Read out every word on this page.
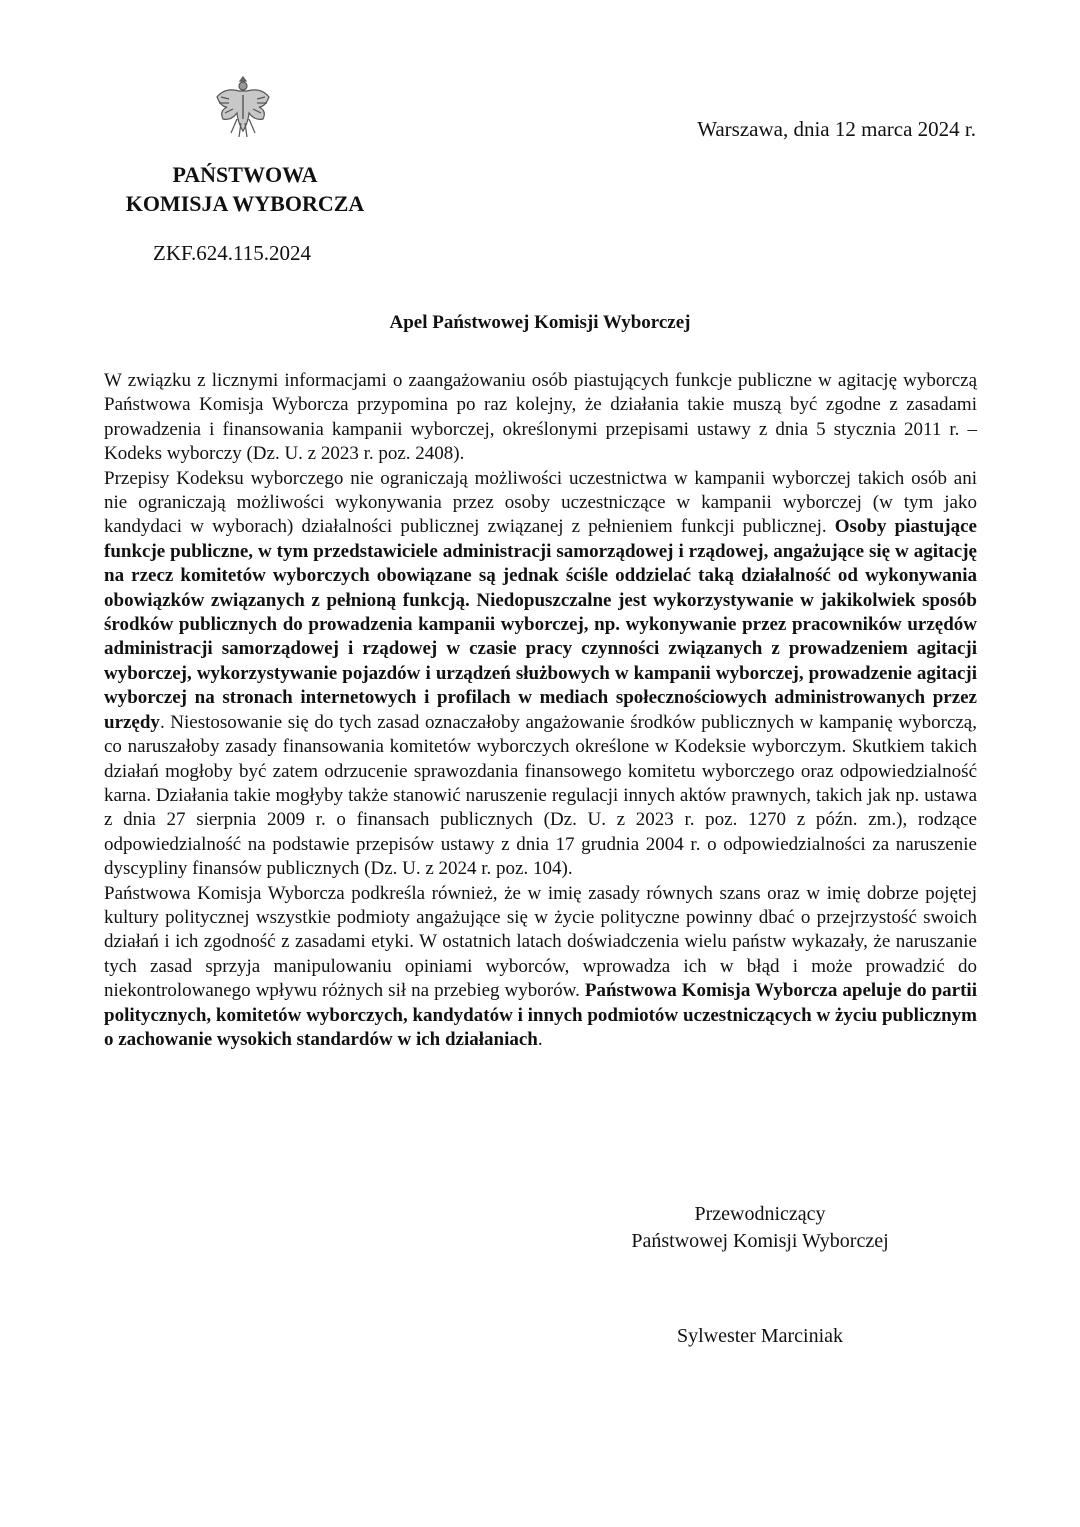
PAŃSTWOWA
KOMISJA WYBORCZA
Warszawa, dnia 12 marca 2024 r.
ZKF.624.115.2024
Apel Państwowej Komisji Wyborczej

W związku z licznymi informacjami o zaangażowaniu osób piastujących funkcje publiczne w agitację wyborczą Państwowa Komisja Wyborcza przypomina po raz kolejny, że działania takie muszą być zgodne z zasadami prowadzenia i finansowania kampanii wyborczej, określonymi przepisami ustawy z dnia 5 stycznia 2011 r. – Kodeks wyborczy (Dz. U. z 2023 r. poz. 2408).

Przepisy Kodeksu wyborczego nie ograniczają możliwości uczestnictwa w kampanii wyborczej takich osób ani nie ograniczają możliwości wykonywania przez osoby uczestniczące w kampanii wyborczej (w tym jako kandydaci w wyborach) działalności publicznej związanej z pełnieniem funkcji publicznej. Osoby piastujące funkcje publiczne, w tym przedstawiciele administracji samorządowej i rządowej, angażujące się w agitację na rzecz komitetów wyborczych obowiązane są jednak ściśle oddzielać taką działalność od wykonywania obowiązków związanych z pełnioną funkcją. Niedopuszczalne jest wykorzystywanie w jakikolwiek sposób środków publicznych do prowadzenia kampanii wyborczej, np. wykonywanie przez pracowników urzędów administracji samorządowej i rządowej w czasie pracy czynności związanych z prowadzeniem agitacji wyborczej, wykorzystywanie pojazdów i urządzeń służbowych w kampanii wyborczej, prowadzenie agitacji wyborczej na stronach internetowych i profilach w mediach społecznościowych administrowanych przez urzędy. Niestosowanie się do tych zasad oznaczałoby angażowanie środków publicznych w kampanię wyborczą, co naruszałoby zasady finansowania komitetów wyborczych określone w Kodeksie wyborczym. Skutkiem takich działań mogłoby być zatem odrzucenie sprawozdania finansowego komitetu wyborczego oraz odpowiedzialność karna. Działania takie mogłyby także stanowić naruszenie regulacji innych aktów prawnych, takich jak np. ustawa z dnia 27 sierpnia 2009 r. o finansach publicznych (Dz. U. z 2023 r. poz. 1270 z późn. zm.), rodzące odpowiedzialność na podstawie przepisów ustawy z dnia 17 grudnia 2004 r. o odpowiedzialności za naruszenie dyscypliny finansów publicznych (Dz. U. z 2024 r. poz. 104).

Państwowa Komisja Wyborcza podkreśla również, że w imię zasady równych szans oraz w imię dobrze pojętej kultury politycznej wszystkie podmioty angażujące się w życie polityczne powinny dbać o przejrzystość swoich działań i ich zgodność z zasadami etyki. W ostatnich latach doświadczenia wielu państw wykazały, że naruszanie tych zasad sprzyja manipulowaniu opiniami wyborców, wprowadza ich w błąd i może prowadzić do niekontrolowanego wpływu różnych sił na przebieg wyborów. Państwowa Komisja Wyborcza apeluje do partii politycznych, komitetów wyborczych, kandydatów i innych podmiotów uczestniczących w życiu publicznym o zachowanie wysokich standardów w ich działaniach.

Przewodniczący
Państwowej Komisji Wyborczej
Sylwester Marciniak
